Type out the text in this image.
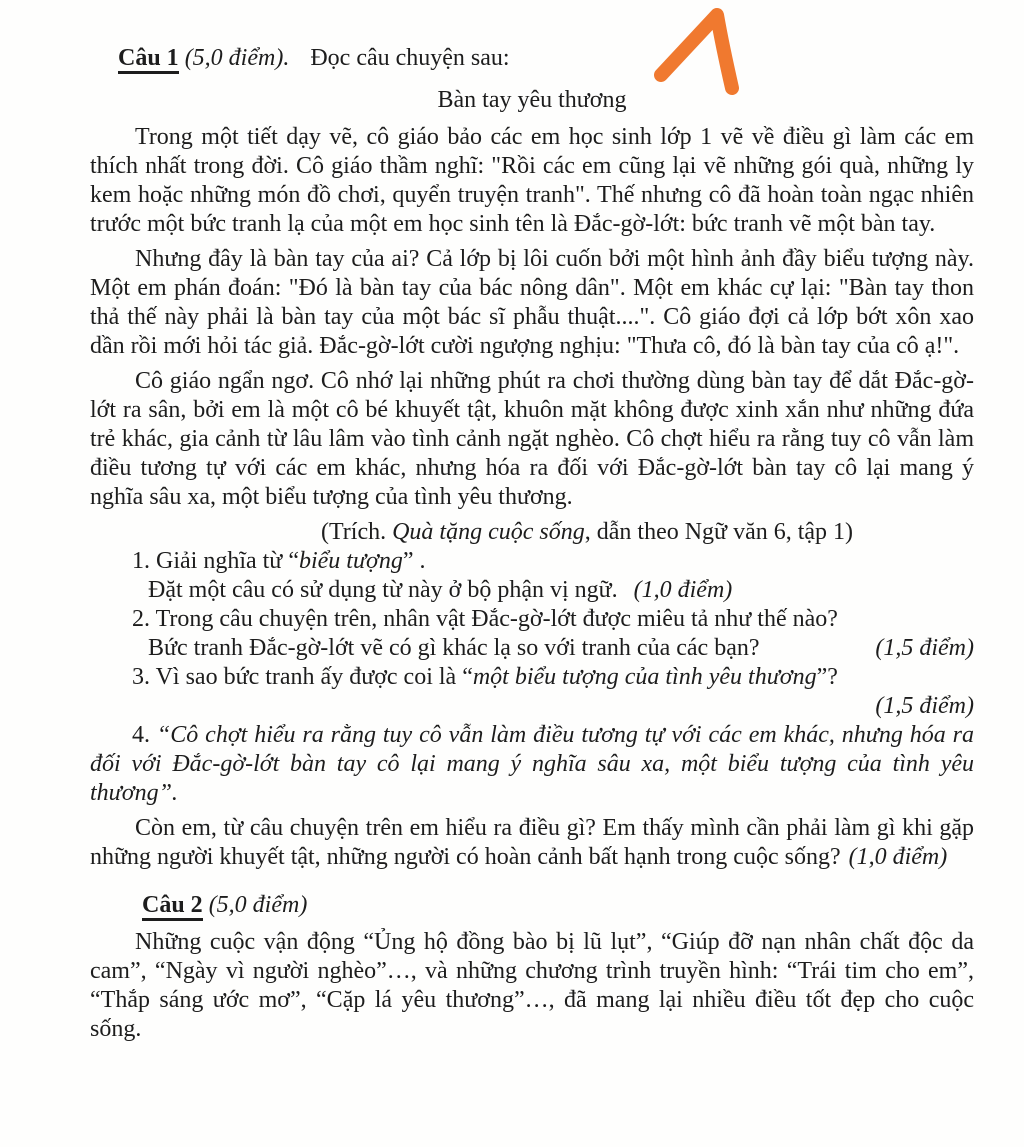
Câu 1 (5,0 điểm). Đọc câu chuyện sau:
Bàn tay yêu thương

Trong một tiết dạy vẽ, cô giáo bảo các em học sinh lớp 1 vẽ về điều gì làm các em thích nhất trong đời. Cô giáo thầm nghĩ: "Rồi các em cũng lại vẽ những gói quà, những ly kem hoặc những món đồ chơi, quyển truyện tranh". Thế nhưng cô đã hoàn toàn ngạc nhiên trước một bức tranh lạ của một em học sinh tên là Đắc-gờ-lớt: bức tranh vẽ một bàn tay.

Nhưng đây là bàn tay của ai? Cả lớp bị lôi cuốn bởi một hình ảnh đầy biểu tượng này. Một em phán đoán: "Đó là bàn tay của bác nông dân". Một em khác cự lại: "Bàn tay thon thả thế này phải là bàn tay của một bác sĩ phẫu thuật....". Cô giáo đợi cả lớp bớt xôn xao dần rồi mới hỏi tác giả. Đắc-gờ-lớt cười ngượng nghịu: "Thưa cô, đó là bàn tay của cô ạ!".

Cô giáo ngẩn ngơ. Cô nhớ lại những phút ra chơi thường dùng bàn tay để dắt Đắc-gờ-lớt ra sân, bởi em là một cô bé khuyết tật, khuôn mặt không được xinh xắn như những đứa trẻ khác, gia cảnh từ lâu lâm vào tình cảnh ngặt nghèo. Cô chợt hiểu ra rằng tuy cô vẫn làm điều tương tự với các em khác, nhưng hóa ra đối với Đắc-gờ-lớt bàn tay cô lại mang ý nghĩa sâu xa, một biểu tượng của tình yêu thương.

(Trích. Quà tặng cuộc sống, dẫn theo Ngữ văn 6, tập 1)
1. Giải nghĩa từ “biểu tượng” .
Đặt một câu có sử dụng từ này ở bộ phận vị ngữ. (1,0 điểm)
2. Trong câu chuyện trên, nhân vật Đắc-gờ-lớt được miêu tả như thế nào?
(1,5 điểm)
Bức tranh Đắc-gờ-lớt vẽ có gì khác lạ so với tranh của các bạn?
3. Vì sao bức tranh ấy được coi là “một biểu tượng của tình yêu thương”?
(1,5 điểm)

4. “Cô chợt hiểu ra rằng tuy cô vẫn làm điều tương tự với các em khác, nhưng hóa ra đối với Đắc-gờ-lớt bàn tay cô lại mang ý nghĩa sâu xa, một biểu tượng của tình yêu thương”.

Còn em, từ câu chuyện trên em hiểu ra điều gì? Em thấy mình cần phải làm gì khi gặp những người khuyết tật, những người có hoàn cảnh bất hạnh trong cuộc sống? (1,0 điểm)

Câu 2 (5,0 điểm)

Những cuộc vận động “Ủng hộ đồng bào bị lũ lụt”, “Giúp đỡ nạn nhân chất độc da cam”, “Ngày vì người nghèo”…, và những chương trình truyền hình: “Trái tim cho em”, “Thắp sáng ước mơ”, “Cặp lá yêu thương”…, đã mang lại nhiều điều tốt đẹp cho cuộc sống.
